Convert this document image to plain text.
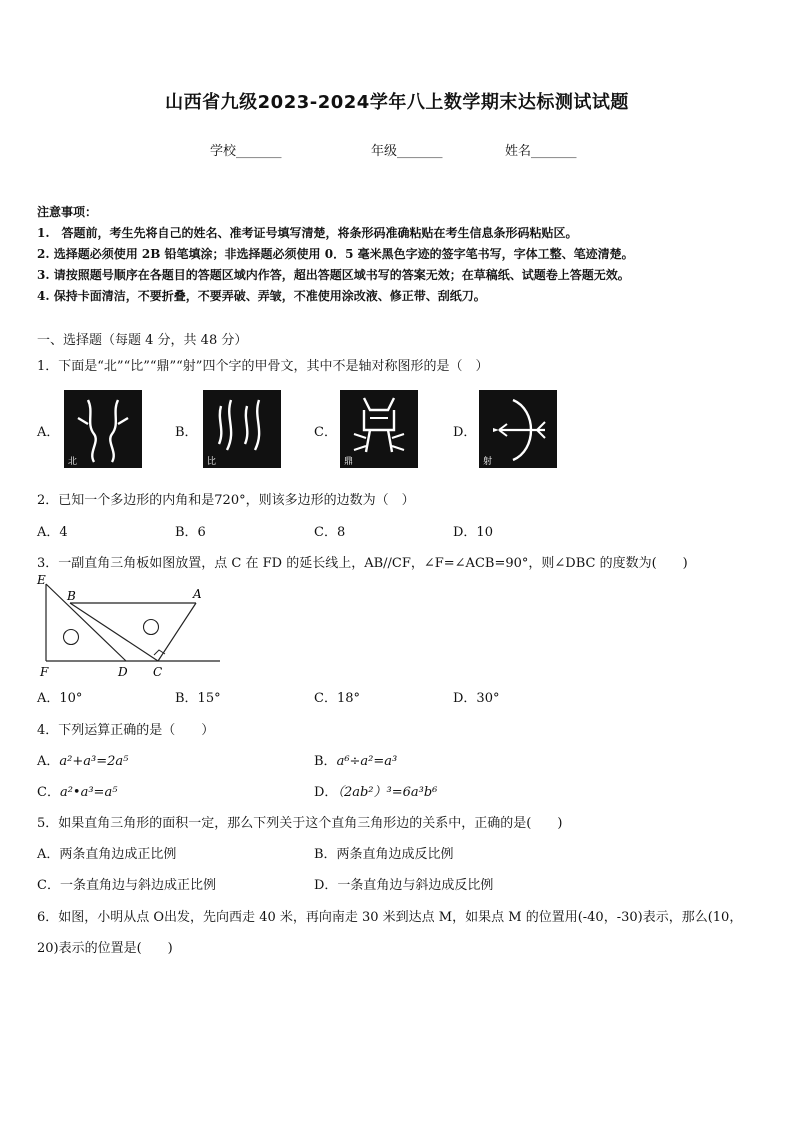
山西省九级2023-2024学年八上数学期末达标测试试题
学校_______	年级_______	姓名_______
注意事项：
1.　答题前，考生先将自己的姓名、准考证号填写清楚，将条形码准确粘贴在考生信息条形码粘贴区。
2. 选择题必须使用 2B 铅笔填涂；非选择题必须使用 0．5 毫米黑色字迹的签字笔书写，字体工整、笔迹清楚。
3. 请按照题号顺序在各题目的答题区域内作答，超出答题区域书写的答案无效；在草稿纸、试题卷上答题无效。
4. 保持卡面清洁，不要折叠，不要弄破、弄皱，不准使用涂改液、修正带、刮纸刀。
一、选择题（每题 4 分，共 48 分）
1．下面是“北”“比”“鼎”“射”四个字的甲骨文，其中不是轴对称图形的是（　）
A．
北
B．
比
C．
鼎
D．
射
2．已知一个多边形的内角和是720°，则该多边形的边数为（　）
A．4	B．6	C．8	D．10
3．一副直角三角板如图放置，点 C 在 FD 的延长线上，AB//CF，∠F=∠ACB=90°，则∠DBC 的度数为(　　)
E
B	A
F	D C
A．10°	B．15°	C．18°	D．30°
4．下列运算正确的是（　　）
A．a²+a³=2a⁵	B．a⁶÷a²=a³
C．a²•a³=a⁵	D．（2ab²）³=6a³b⁶
5．如果直角三角形的面积一定，那么下列关于这个直角三角形边的关系中，正确的是(　　)
A．两条直角边成正比例	B．两条直角边成反比例
C．一条直角边与斜边成正比例	D．一条直角边与斜边成反比例
6．如图，小明从点 O出发，先向西走 40 米，再向南走 30 米到达点 M，如果点 M 的位置用(-40，-30)表示，那么(10，
20)表示的位置是(　　)
